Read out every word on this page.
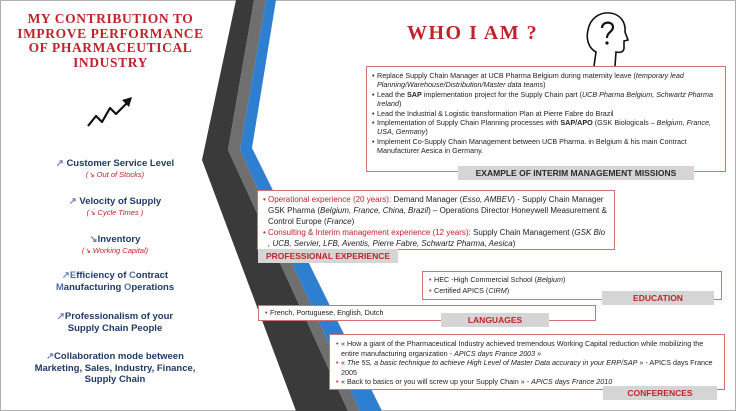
MY CONTRIBUTION TO
IMPROVE PERFORMANCE
OF PHARMACEUTICAL
INDUSTRY
↗ Customer Service Level
(↘ Out of Stocks)
↗ Velocity of Supply
(↘ Cycle Times )
↘Inventory
(↘ Working Capital)
↗Efficiency of Contract
Manufacturing Operations
↗Professionalism of your
Supply Chain People
↗Collaboration mode between
Marketing, Sales, Industry, Finance,
Supply Chain
WHO I AM ?
• Replace Supply Chain Manager at UCB Pharma Belgium during maternity leave (temporary lead Planning/Warehouse/Distribution/Master data teams)
• Lead the SAP implementation project for the Supply Chain part (UCB Pharma Belgium, Schwartz Pharma Ireland)
• Lead the Industrial & Logistic transformation Plan at Pierre Fabre do Brazil
• Implementation of Supply Chain Planning processes with SAP/APO (GSK Biologicals – Belgium, France, USA, Germany)
• Implement Co-Supply Chain Management between UCB Pharma. in Belgium & his main Contract Manufacturer Aesica in Germany.
EXAMPLE OF INTERIM MANAGEMENT MISSIONS
• Operational experience (20 years): Demand Manager (Esso, AMBEV) - Supply Chain Manager GSK Pharma (Belgium, France, China, Brazil) – Operations Director Honeywell Measurement & Control Europe (France)
• Consulting & Interim management experience (12 years): Supply Chain Management (GSK Bio , UCB, Servier, LFB, Aventis, Pierre Fabre, Schwartz Pharma, Aesica)
PROFESSIONAL EXPERIENCE
• HEC -High Commercial School (Belgium)
• Certified APICS (CIRM)
EDUCATION
• French, Portuguese, English, Dutch
LANGUAGES
• « How a giant of the Pharmaceutical Industry achieved tremendous Working Capital reduction while mobilizing the entire manufacturing organization - APICS days France 2003 »
• « The 5S, a basic technique to achieve High Level of Master Data accuracy in your ERP/SAP » - APICS days France 2005
• « Back to basics or you will screw up your Supply Chain » - APICS days France 2010
CONFERENCES
